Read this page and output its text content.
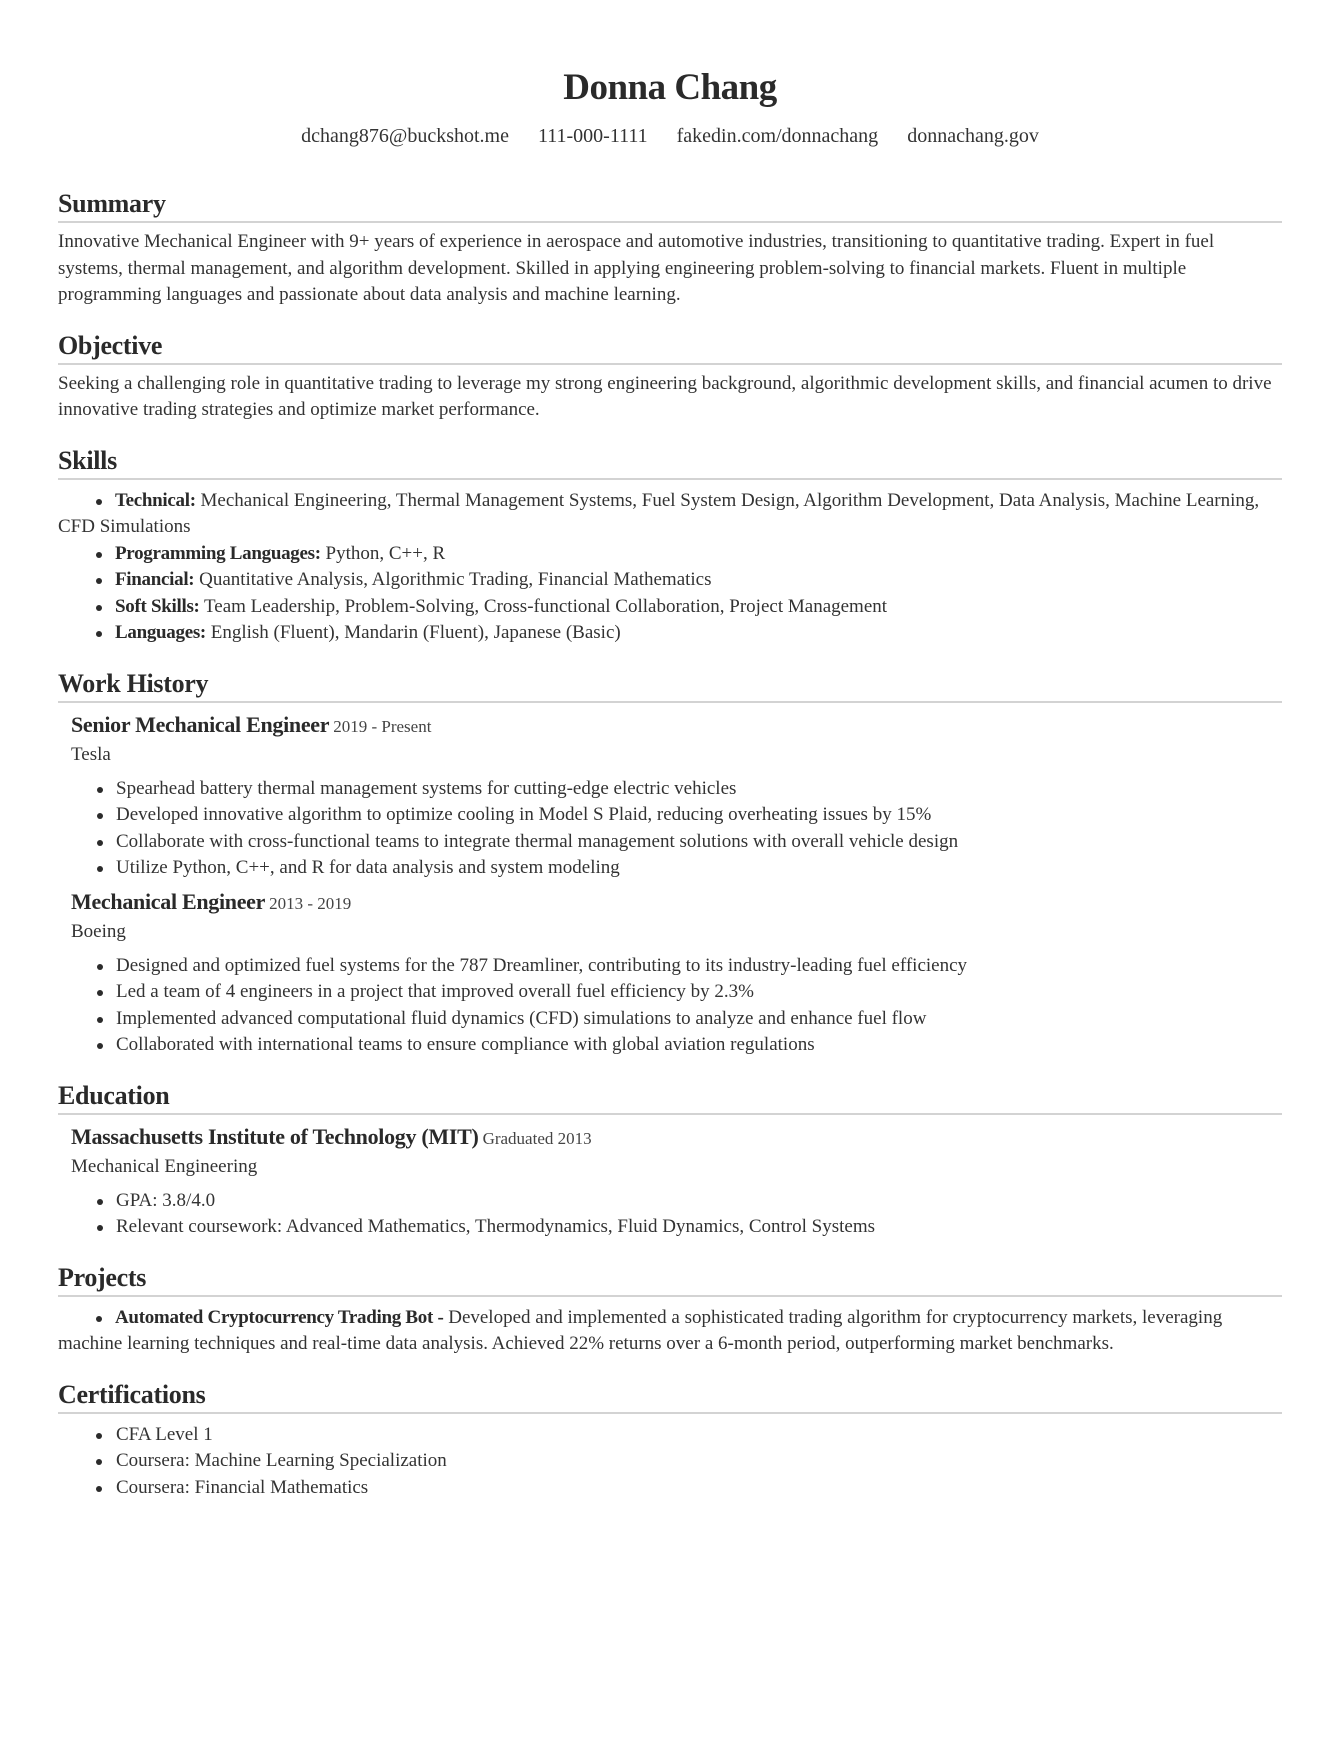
Donna Chang
dchang876@buckshot.me 111-000-1111 fakedin.com/donnachang donnachang.gov
Summary
Innovative Mechanical Engineer with 9+ years of experience in aerospace and automotive industries, transitioning to quantitative trading. Expert in fuel systems, thermal management, and algorithm development. Skilled in applying engineering problem-solving to financial markets. Fluent in multiple programming languages and passionate about data analysis and machine learning.
Objective
Seeking a challenging role in quantitative trading to leverage my strong engineering background, algorithmic development skills, and financial acumen to drive innovative trading strategies and optimize market performance.
Skills
Technical: Mechanical Engineering, Thermal Management Systems, Fuel System Design, Algorithm Development, Data Analysis, Machine Learning, CFD Simulations
Programming Languages: Python, C++, R
Financial: Quantitative Analysis, Algorithmic Trading, Financial Mathematics
Soft Skills: Team Leadership, Problem-Solving, Cross-functional Collaboration, Project Management
Languages: English (Fluent), Mandarin (Fluent), Japanese (Basic)
Work History
Senior Mechanical Engineer 2019 - Present
Tesla
Spearhead battery thermal management systems for cutting-edge electric vehicles
Developed innovative algorithm to optimize cooling in Model S Plaid, reducing overheating issues by 15%
Collaborate with cross-functional teams to integrate thermal management solutions with overall vehicle design
Utilize Python, C++, and R for data analysis and system modeling
Mechanical Engineer 2013 - 2019
Boeing
Designed and optimized fuel systems for the 787 Dreamliner, contributing to its industry-leading fuel efficiency
Led a team of 4 engineers in a project that improved overall fuel efficiency by 2.3%
Implemented advanced computational fluid dynamics (CFD) simulations to analyze and enhance fuel flow
Collaborated with international teams to ensure compliance with global aviation regulations
Education
Massachusetts Institute of Technology (MIT) Graduated 2013
Mechanical Engineering
GPA: 3.8/4.0
Relevant coursework: Advanced Mathematics, Thermodynamics, Fluid Dynamics, Control Systems
Projects
Automated Cryptocurrency Trading Bot - Developed and implemented a sophisticated trading algorithm for cryptocurrency markets, leveraging machine learning techniques and real-time data analysis. Achieved 22% returns over a 6-month period, outperforming market benchmarks.
Certifications
CFA Level 1
Coursera: Machine Learning Specialization
Coursera: Financial Mathematics
